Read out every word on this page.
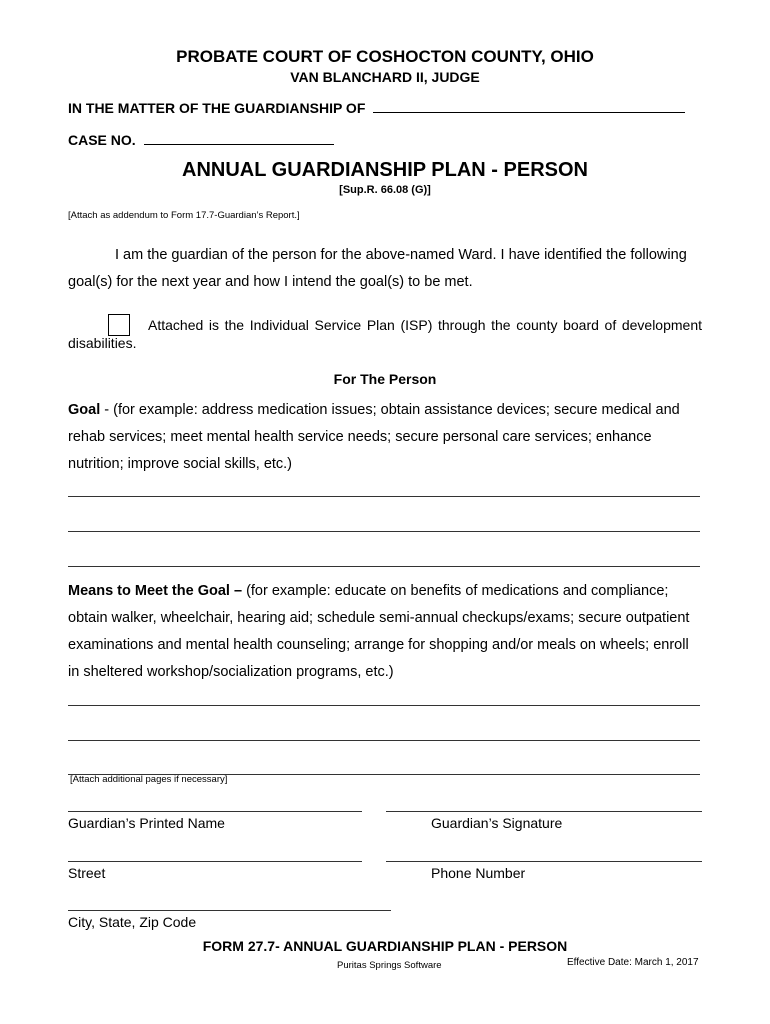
PROBATE COURT OF COSHOCTON COUNTY, OHIO
VAN BLANCHARD II, JUDGE
IN THE MATTER OF THE GUARDIANSHIP OF
CASE NO.
ANNUAL GUARDIANSHIP PLAN - PERSON
[Sup.R. 66.08 (G)]
[Attach as addendum to Form 17.7-Guardian’s Report.]
I am the guardian of the person for the above-named Ward. I have identified the following goal(s) for the next year and how I intend the goal(s) to be met.
Attached is the Individual Service Plan (ISP) through the county board of development disabilities.
For The Person
Goal - (for example: address medication issues; obtain assistance devices; secure medical and rehab services; meet mental health service needs; secure personal care services; enhance nutrition; improve social skills, etc.)
Means to Meet the Goal – (for example: educate on benefits of medications and compliance; obtain walker, wheelchair, hearing aid; schedule semi-annual checkups/exams; secure outpatient examinations and mental health counseling; arrange for shopping and/or meals on wheels; enroll in sheltered workshop/socialization programs, etc.)
[Attach additional pages if necessary]
Guardian’s Printed Name	Guardian’s Signature
Street	Phone Number
City, State, Zip Code
FORM 27.7- ANNUAL GUARDIANSHIP PLAN - PERSON
Puritas Springs Software	Effective Date: March 1, 2017
